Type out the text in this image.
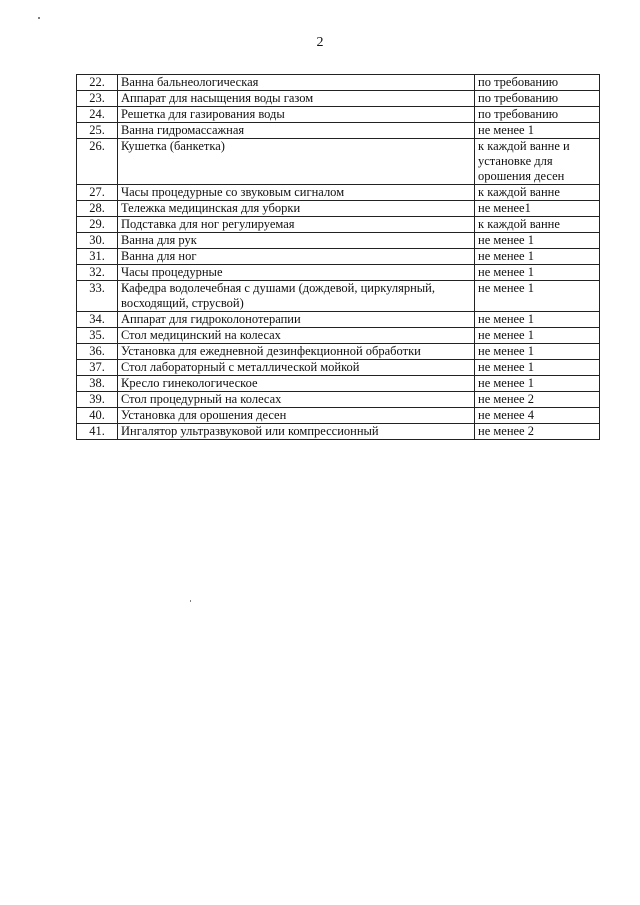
2
22.	Ванна бальнеологическая	по требованию
23.	Аппарат для насыщения воды газом	по требованию
24.	Решетка для газирования воды	по требованию
25.	Ванна гидромассажная	не менее 1
26.	Кушетка (банкетка)	к каждой ванне и установке для орошения десен
27.	Часы процедурные со звуковым сигналом	к каждой ванне
28.	Тележка медицинская для уборки	не менее1
29.	Подставка для ног регулируемая	к каждой ванне
30.	Ванна для рук	не менее 1
31.	Ванна для ног	не менее 1
32.	Часы процедурные	не менее 1
33.	Кафедра водолечебная с душами (дождевой, циркулярный, восходящий, струсвой)	не менее 1
34.	Аппарат для гидроколонотерапии	не менее 1
35.	Стол медицинский на колесах	не менее 1
36.	Установка для ежедневной дезинфекционной обработки	не менее 1
37.	Стол лабораторный с металлической мойкой	не менее 1
38.	Кресло гинекологическое	не менее 1
39.	Стол процедурный на колесах	не менее 2
40.	Установка для орошения десен	не менее 4
41.	Ингалятор ультразвуковой или компрессионный	не менее 2
